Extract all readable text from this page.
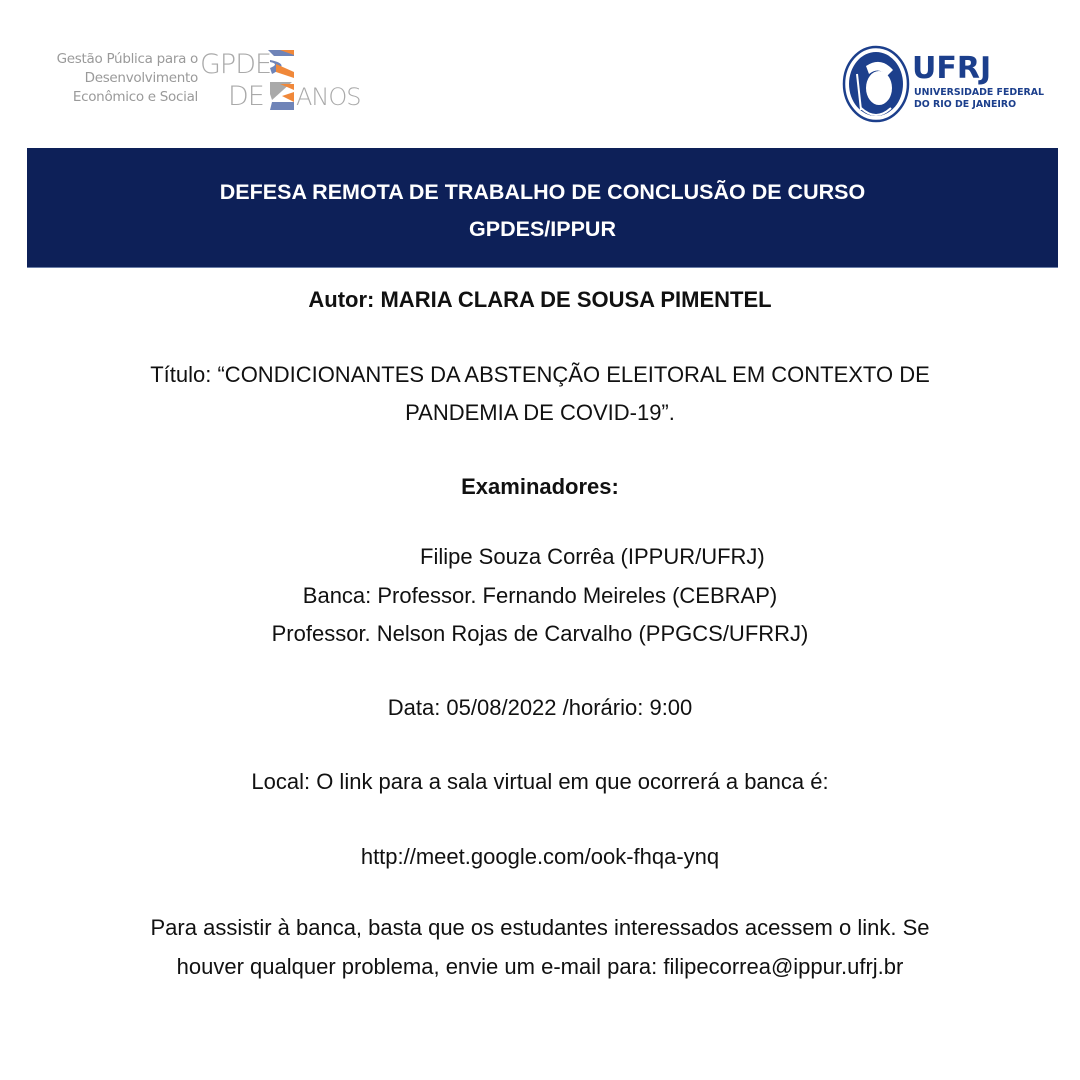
Gestão Pública para o
Desenvolvimento
Econômico e Social
GPDE
DE ANOS
UFRJ
UNIVERSIDADE FEDERAL
DO RIO DE JANEIRO
DEFESA REMOTA DE TRABALHO DE CONCLUSÃO DE CURSO
GPDES/IPPUR
Autor: MARIA CLARA DE SOUSA PIMENTEL
Título: “CONDICIONANTES DA ABSTENÇÃO ELEITORAL EM CONTEXTO DE
PANDEMIA DE COVID-19”.
Examinadores:
Filipe Souza Corrêa (IPPUR/UFRJ)
Banca: Professor. Fernando Meireles (CEBRAP)
Professor. Nelson Rojas de Carvalho (PPGCS/UFRRJ)
Data: 05/08/2022 /horário: 9:00
Local: O link para a sala virtual em que ocorrerá a banca é:
http://meet.google.com/ook-fhqa-ynq
Para assistir à banca, basta que os estudantes interessados acessem o link. Se
houver qualquer problema, envie um e-mail para: filipecorrea@ippur.ufrj.br
